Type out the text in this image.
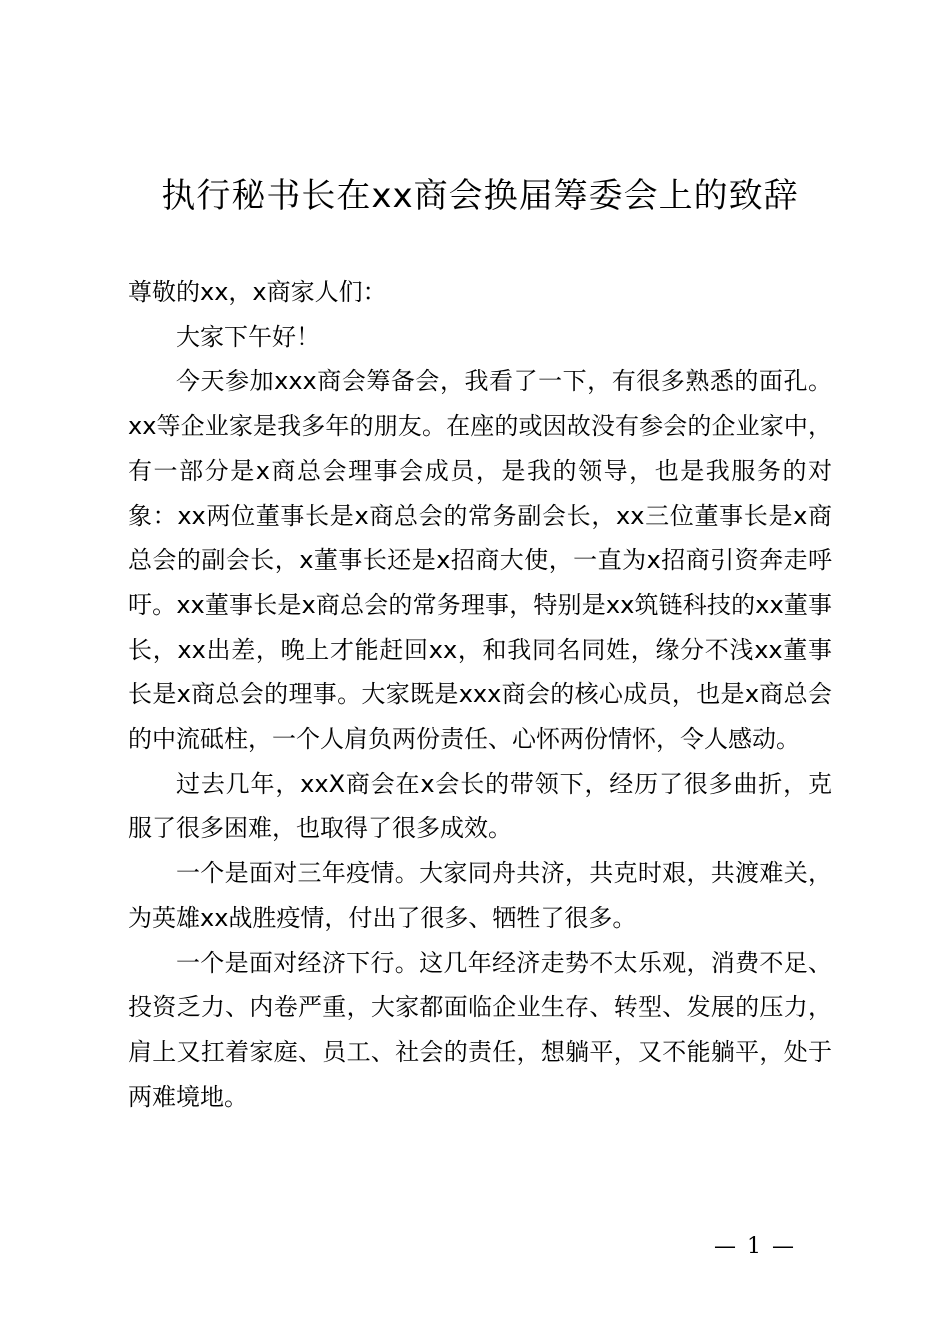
执行秘书长在xx商会换届筹委会上的致辞

尊敬的xx，x商家人们：

大家下午好！

今天参加xxx商会筹备会，我看了一下，有很多熟悉的面孔。xx等企业家是我多年的朋友。在座的或因故没有参会的企业家中，有一部分是x商总会理事会成员，是我的领导，也是我服务的对象：xx两位董事长是x商总会的常务副会长，xx三位董事长是x商总会的副会长，x董事长还是x招商大使，一直为x招商引资奔走呼吁。xx董事长是x商总会的常务理事，特别是xx筑链科技的xx董事长，xx出差，晚上才能赶回xx，和我同名同姓，缘分不浅xx董事长是x商总会的理事。大家既是xxx商会的核心成员，也是x商总会的中流砥柱，一个人肩负两份责任、心怀两份情怀，令人感动。

过去几年，xxX商会在x会长的带领下，经历了很多曲折，克服了很多困难，也取得了很多成效。

一个是面对三年疫情。大家同舟共济，共克时艰，共渡难关，为英雄xx战胜疫情，付出了很多、牺牲了很多。

一个是面对经济下行。这几年经济走势不太乐观，消费不足、投资乏力、内卷严重，大家都面临企业生存、转型、发展的压力，肩上又扛着家庭、员工、社会的责任，想躺平，又不能躺平，处于两难境地。

— 1 —
